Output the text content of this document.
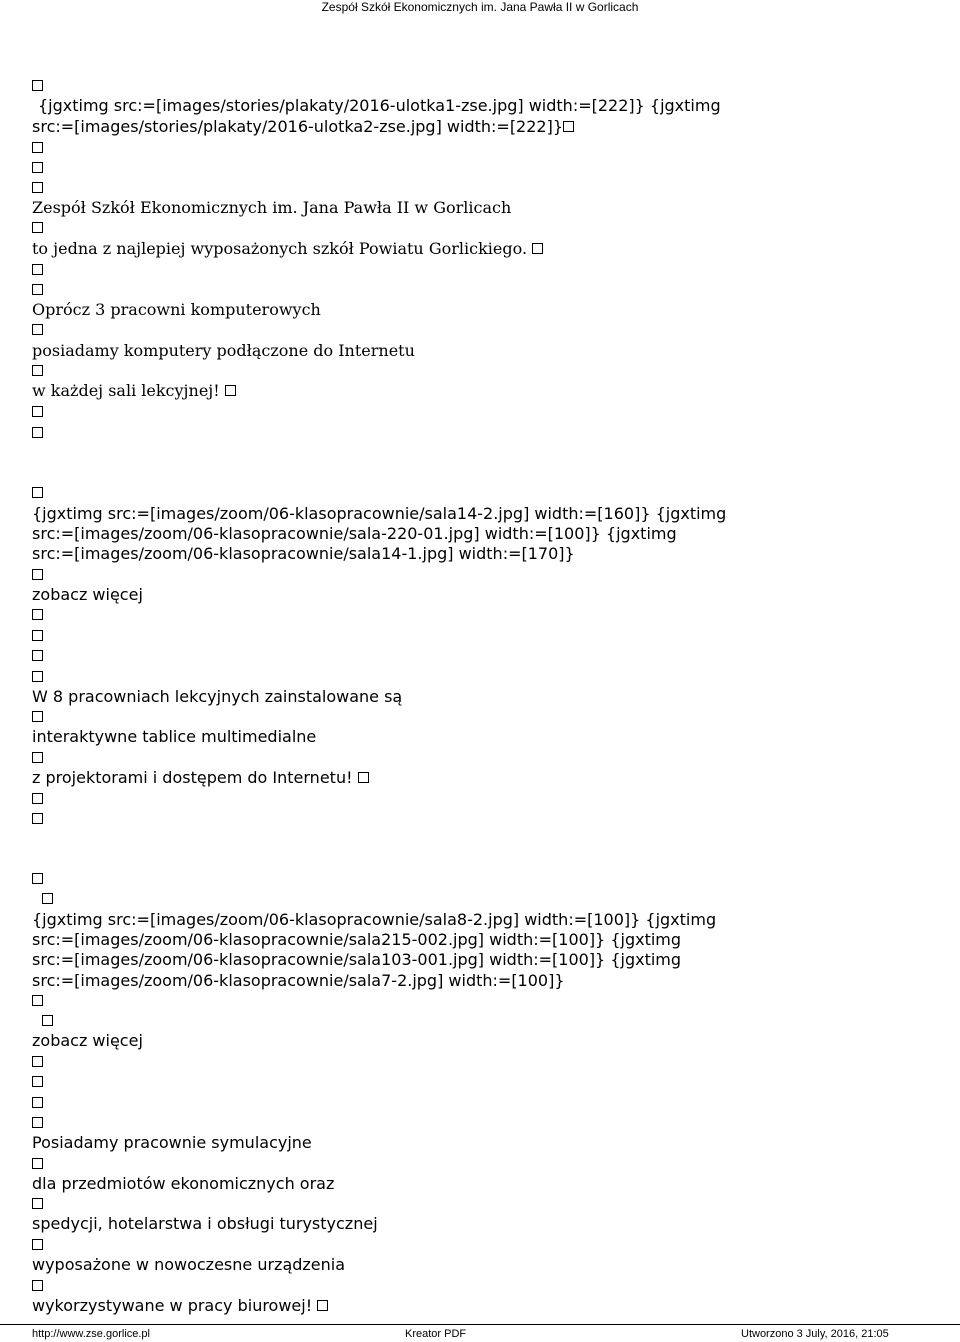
Zespół Szkół Ekonomicznych im. Jana Pawła II w Gorlicach
{jgxtimg src:=[images/stories/plakaty/2016-ulotka1-zse.jpg] width:=[222]} {jgxtimg
src:=[images/stories/plakaty/2016-ulotka2-zse.jpg] width:=[222]}
Zespół Szkół Ekonomicznych im. Jana Pawła II w Gorlicach
to jedna z najlepiej wyposażonych szkół Powiatu Gorlickiego.
Oprócz 3 pracowni komputerowych
posiadamy komputery podłączone do Internetu
w każdej sali lekcyjnej!
{jgxtimg src:=[images/zoom/06-klasopracownie/sala14-2.jpg] width:=[160]} {jgxtimg
src:=[images/zoom/06-klasopracownie/sala-220-01.jpg] width:=[100]} {jgxtimg
src:=[images/zoom/06-klasopracownie/sala14-1.jpg] width:=[170]}
zobacz więcej
W 8 pracowniach lekcyjnych zainstalowane są
interaktywne tablice multimedialne
z projektorami i dostępem do Internetu!
{jgxtimg src:=[images/zoom/06-klasopracownie/sala8-2.jpg] width:=[100]} {jgxtimg
src:=[images/zoom/06-klasopracownie/sala215-002.jpg] width:=[100]} {jgxtimg
src:=[images/zoom/06-klasopracownie/sala103-001.jpg] width:=[100]} {jgxtimg
src:=[images/zoom/06-klasopracownie/sala7-2.jpg] width:=[100]}
zobacz więcej
Posiadamy pracownie symulacyjne
dla przedmiotów ekonomicznych oraz
spedycji, hotelarstwa i obsługi turystycznej
wyposażone w nowoczesne urządzenia
wykorzystywane w pracy biurowej!
http://www.zse.gorlice.pl	Kreator PDF	Utworzono 3 July, 2016, 21:05
